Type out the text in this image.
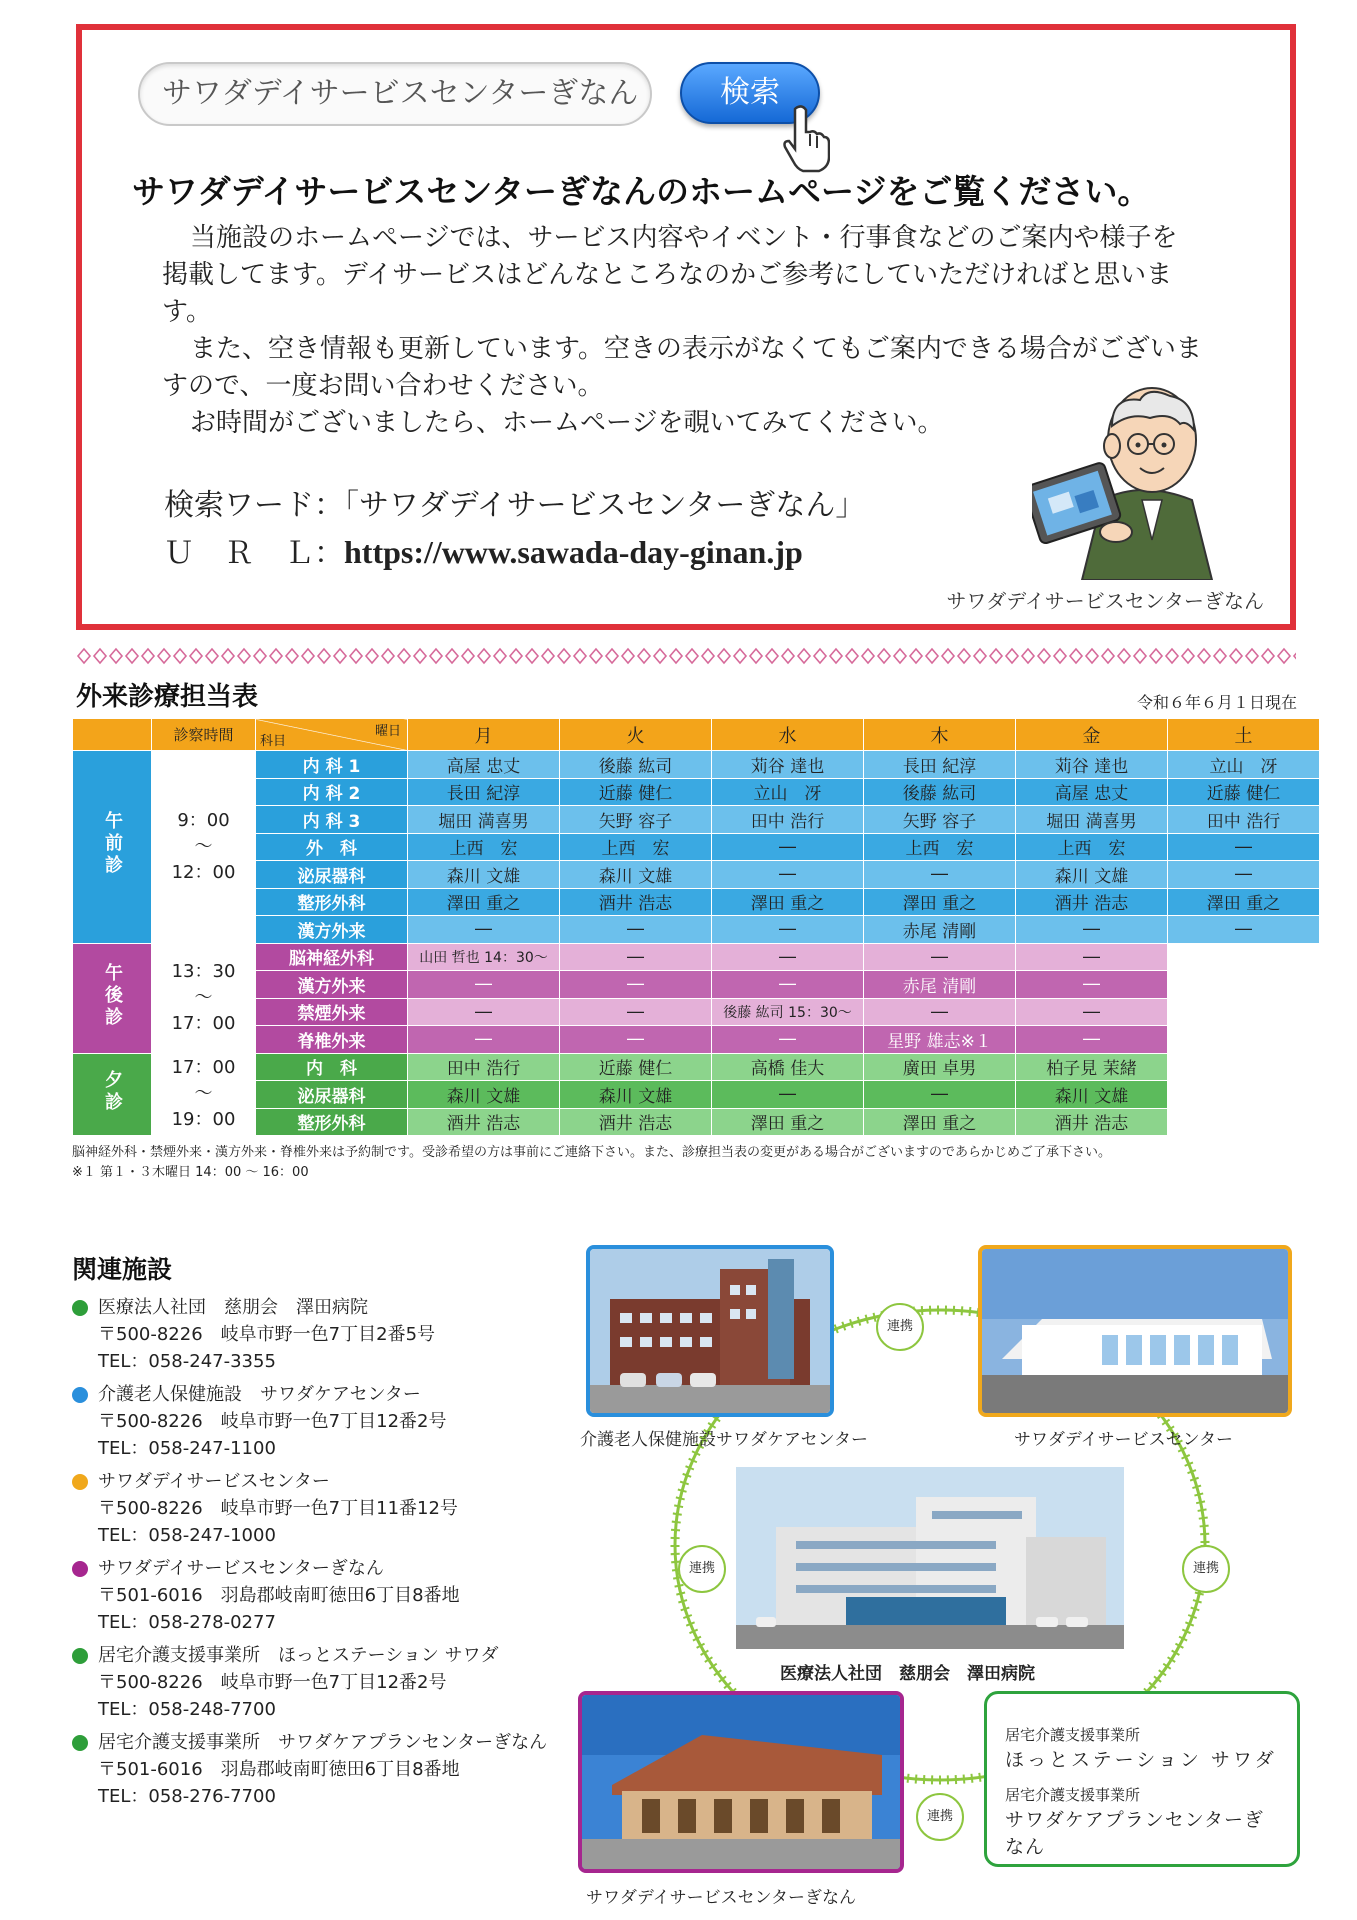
サワダデイサービスセンターぎなん	検索
サワダデイサービスセンターぎなんのホームページをご覧ください。

当施設のホームページでは、サービス内容やイベント・行事食などのご案内や様子を掲載してます。デイサービスはどんなところなのかご参考にしていただければと思います。

また、空き情報も更新しています。空きの表示がなくてもご案内できる場合がございますので、一度お問い合わせください。

お時間がございましたら、ホームページを覗いてみてください。

検索ワード：「サワダデイサービスセンターぎなん」
Ｕ　Ｒ　Ｌ：https://www.sawada-day-ginan.jp
サワダデイサービスセンターぎなん
外来診療担当表	令和６年６月１日現在
	診察時間	曜日
科目	月	火	水	木	金	土
午前診	9：00
～
12：00	内 科 1	高屋 忠丈	後藤 紘司	苅谷 達也	長田 紀淳	苅谷 達也	立山　冴
		内 科 2	長田 紀淳	近藤 健仁	立山　冴	後藤 紘司	高屋 忠丈	近藤 健仁
		内 科 3	堀田 満喜男	矢野 容子	田中 浩行	矢野 容子	堀田 満喜男	田中 浩行
		外　科	上西　宏	上西　宏	―	上西　宏	上西　宏	―
		泌尿器科	森川 文雄	森川 文雄	―	―	森川 文雄	―
		整形外科	澤田 重之	酒井 浩志	澤田 重之	澤田 重之	酒井 浩志	澤田 重之
		漢方外来	―	―	―	赤尾 清剛	―	―
午後診	13：30
～
17：00	脳神経外科	山田 哲也 14：30～	―	―	―	―	
		漢方外来	―	―	―	赤尾 清剛	―	
		禁煙外来	―	―	後藤 紘司 15：30～	―	―	
		脊椎外来	―	―	―	星野 雄志※１	―	
夕診	17：00
～
19：00	内　科	田中 浩行	近藤 健仁	高橋 佳大	廣田 卓男	柏子見 茉緒	
		泌尿器科	森川 文雄	森川 文雄	―	―	森川 文雄	
		整形外科	酒井 浩志	酒井 浩志	澤田 重之	澤田 重之	酒井 浩志	
脳神経外科・禁煙外来・漢方外来・脊椎外来は予約制です。受診希望の方は事前にご連絡下さい。また、診療担当表の変更がある場合がございますのであらかじめご了承下さい。
※１ 第１・３木曜日 14：00 ～ 16：00
関連施設
医療法人社団　慈朋会　澤田病院
〒500-8226　岐阜市野一色7丁目2番5号
TEL：058-247-3355
介護老人保健施設　サワダケアセンター
〒500-8226　岐阜市野一色7丁目12番2号
TEL：058-247-1100
サワダデイサービスセンター
〒500-8226　岐阜市野一色7丁目11番12号
TEL：058-247-1000
サワダデイサービスセンターぎなん
〒501-6016　羽島郡岐南町徳田6丁目8番地
TEL：058-278-0277
居宅介護支援事業所　ほっとステーション サワダ
〒500-8226　岐阜市野一色7丁目12番2号
TEL：058-248-7700
居宅介護支援事業所　サワダケアプランセンターぎなん
〒501-6016　羽島郡岐南町徳田6丁目8番地
TEL：058-276-7700
介護老人保健施設サワダケアセンター	サワダデイサービスセンター
医療法人社団　慈朋会　澤田病院
サワダデイサービスセンターぎなん
連携
連携	連携
連携
居宅介護支援事業所
ほっとステーション サワダ
居宅介護支援事業所
サワダケアプランセンターぎなん
